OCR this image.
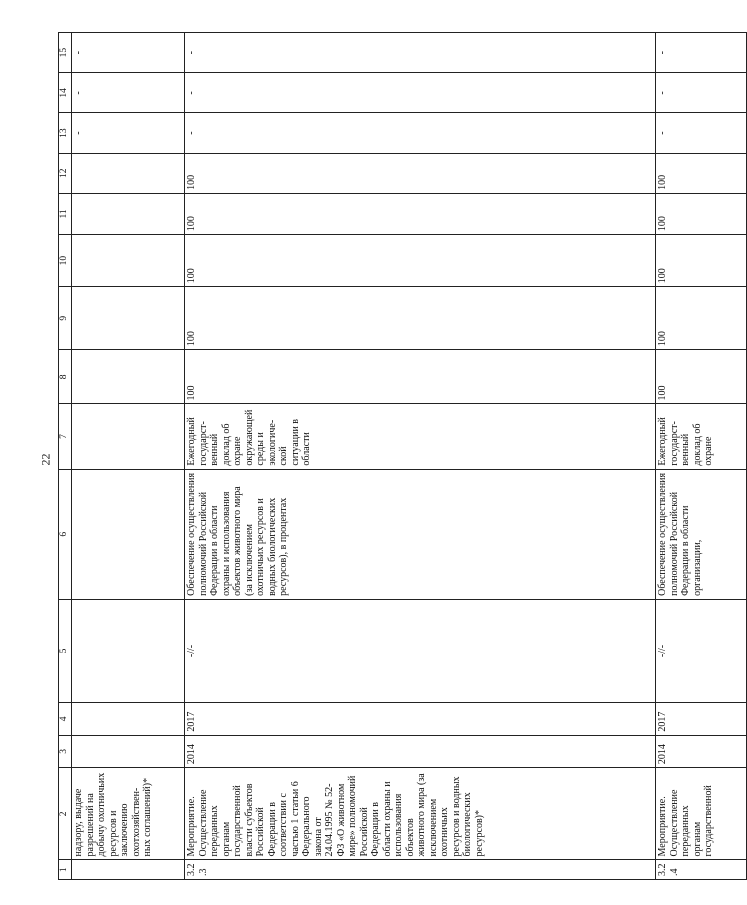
22
1	2	3	4	5	6	7	8	9	10	11	12	13	14	15
	надзору, выдаче разрешений на добычу охотничьих ресурсов и заключению охотхозяйствен-ных соглашений)*											-	-	-
3.2.3	Мероприятие. Осуществление переданных органам государственной власти субъектов Российской Федерации в соответствии с частью 1 статьи 6 Федерального закона от 24.04.1995 № 52-ФЗ «О животном мире» полномочий Российской Федерации в области охраны и использования объектов животного мира (за исключением охотничьих ресурсов и водных биологических ресурсов)*	2014	2017	-//-	Обеспечение осуществления полномочий Российской Федерации в области охраны и использования объектов животного мира (за исключением охотничьих ресурсов и водных биологических ресурсов), в процентах	Ежегодный государст-венный доклад об охране окружающей среды и экологиче-ской ситуации в области	100	100	100	100	100	-	-	-
3.2.4	Мероприятие. Осуществление переданных органам государственной	2014	2017	-//-	Обеспечение осуществления полномочий Российской Федерации в области организации,	Ежегодный государст-венный доклад об охране	100	100	100	100	100	-	-	-
